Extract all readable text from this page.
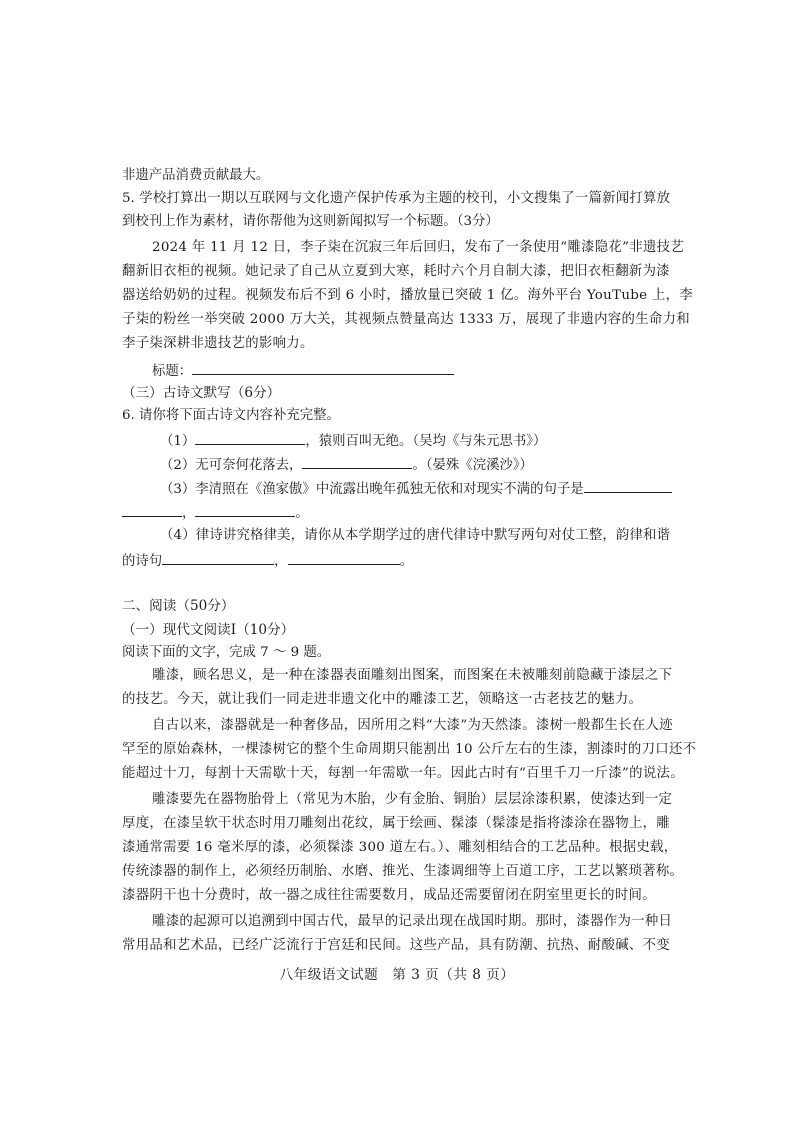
非遗产品消费贡献最大。
5. 学校打算出一期以互联网与文化遗产保护传承为主题的校刊，小文搜集了一篇新闻打算放
到校刊上作为素材，请你帮他为这则新闻拟写一个标题。（3分）
2024 年 11 月 12 日，李子柒在沉寂三年后回归，发布了一条使用“雕漆隐花”非遗技艺
翻新旧衣柜的视频。她记录了自己从立夏到大寒，耗时六个月自制大漆，把旧衣柜翻新为漆
器送给奶奶的过程。视频发布后不到 6 小时，播放量已突破 1 亿。海外平台 YouTube 上，李
子柒的粉丝一举突破 2000 万大关，其视频点赞量高达 1333 万，展现了非遗内容的生命力和
李子柒深耕非遗技艺的影响力。
标题：
（三）古诗文默写（6分）
6. 请你将下面古诗文内容补充完整。
（1）	，猿则百叫无绝。（吴均《与朱元思书》）
（2）无可奈何花落去，	。（晏殊《浣溪沙》）
（3）李清照在《渔家傲》中流露出晚年孤独无依和对现实不满的句子是
，	。
（4）律诗讲究格律美，请你从本学期学过的唐代律诗中默写两句对仗工整，韵律和谐
的诗句	，	。
二、阅读（50分）
（一）现代文阅读Ⅰ（10分）
阅读下面的文字，完成 7 ～ 9 题。
雕漆，顾名思义，是一种在漆器表面雕刻出图案，而图案在未被雕刻前隐藏于漆层之下
的技艺。今天，就让我们一同走进非遗文化中的雕漆工艺，领略这一古老技艺的魅力。
自古以来，漆器就是一种奢侈品，因所用之料“大漆”为天然漆。漆树一般都生长在人迹
罕至的原始森林，一棵漆树它的整个生命周期只能割出 10 公斤左右的生漆，割漆时的刀口还不
能超过十刀，每割十天需歇十天，每割一年需歇一年。因此古时有“百里千刀一斤漆”的说法。
雕漆要先在器物胎骨上（常见为木胎，少有金胎、铜胎）层层涂漆积累，使漆达到一定
厚度，在漆呈软干状态时用刀雕刻出花纹，属于绘画、髹漆（髹漆是指将漆涂在器物上，雕
漆通常需要 16 毫米厚的漆，必须髹漆 300 道左右。）、雕刻相结合的工艺品种。根据史载，
传统漆器的制作上，必须经历制胎、水磨、推光、生漆调细等上百道工序，工艺以繁琐著称。
漆器阴干也十分费时，故一器之成往往需要数月，成品还需要留闭在阴室里更长的时间。
雕漆的起源可以追溯到中国古代，最早的记录出现在战国时期。那时，漆器作为一种日
常用品和艺术品，已经广泛流行于宫廷和民间。这些产品，具有防潮、抗热、耐酸碱、不变
八年级语文试题　第 3 页（共 8 页）
